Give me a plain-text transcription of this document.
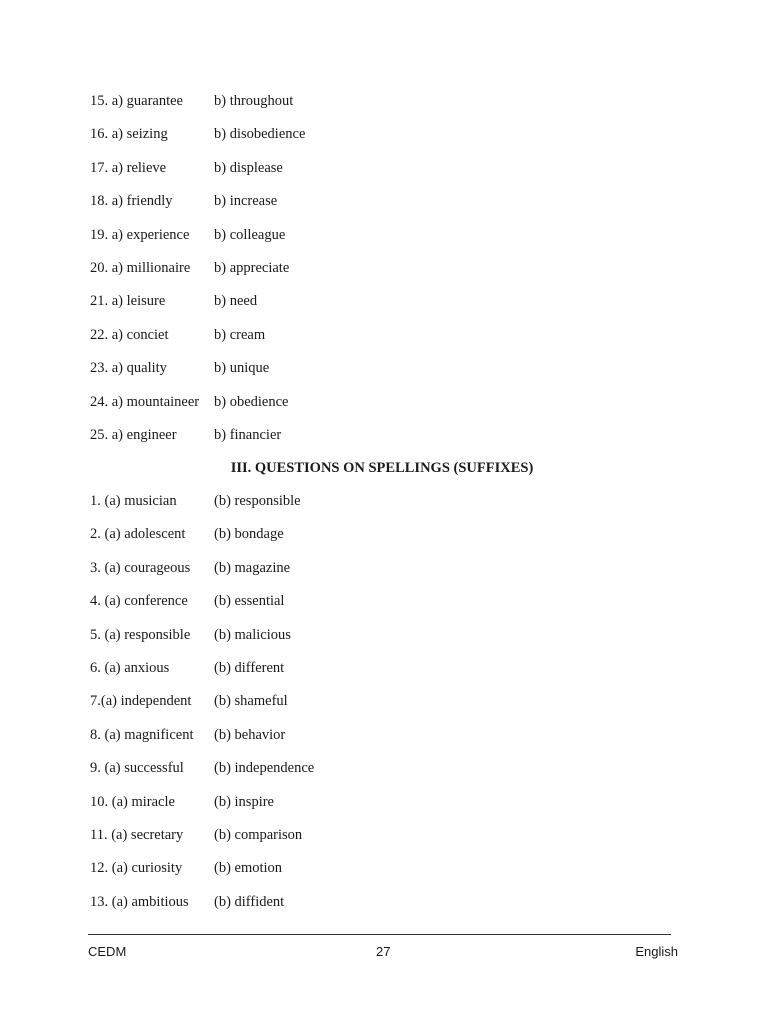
15. a) guarantee	b) throughout
16. a) seizing	b) disobedience
17. a) relieve	b) displease
18. a) friendly	b) increase
19. a) experience	b) colleague
20. a) millionaire	b) appreciate
21. a) leisure	b) need
22. a) conciet	b) cream
23. a) quality	b) unique
24. a) mountaineer	b) obedience
25. a) engineer	b) financier
III. QUESTIONS ON SPELLINGS (SUFFIXES)
1. (a) musician	(b) responsible
2. (a) adolescent	(b) bondage
3. (a) courageous	(b) magazine
4. (a) conference	(b) essential
5. (a) responsible	(b) malicious
6. (a) anxious	(b) different
7.(a) independent	(b) shameful
8. (a) magnificent	(b) behavior
9. (a) successful	(b) independence
10. (a) miracle	(b) inspire
11. (a) secretary	(b) comparison
12. (a) curiosity	(b) emotion
13. (a) ambitious	(b) diffident
CEDM	27	English
